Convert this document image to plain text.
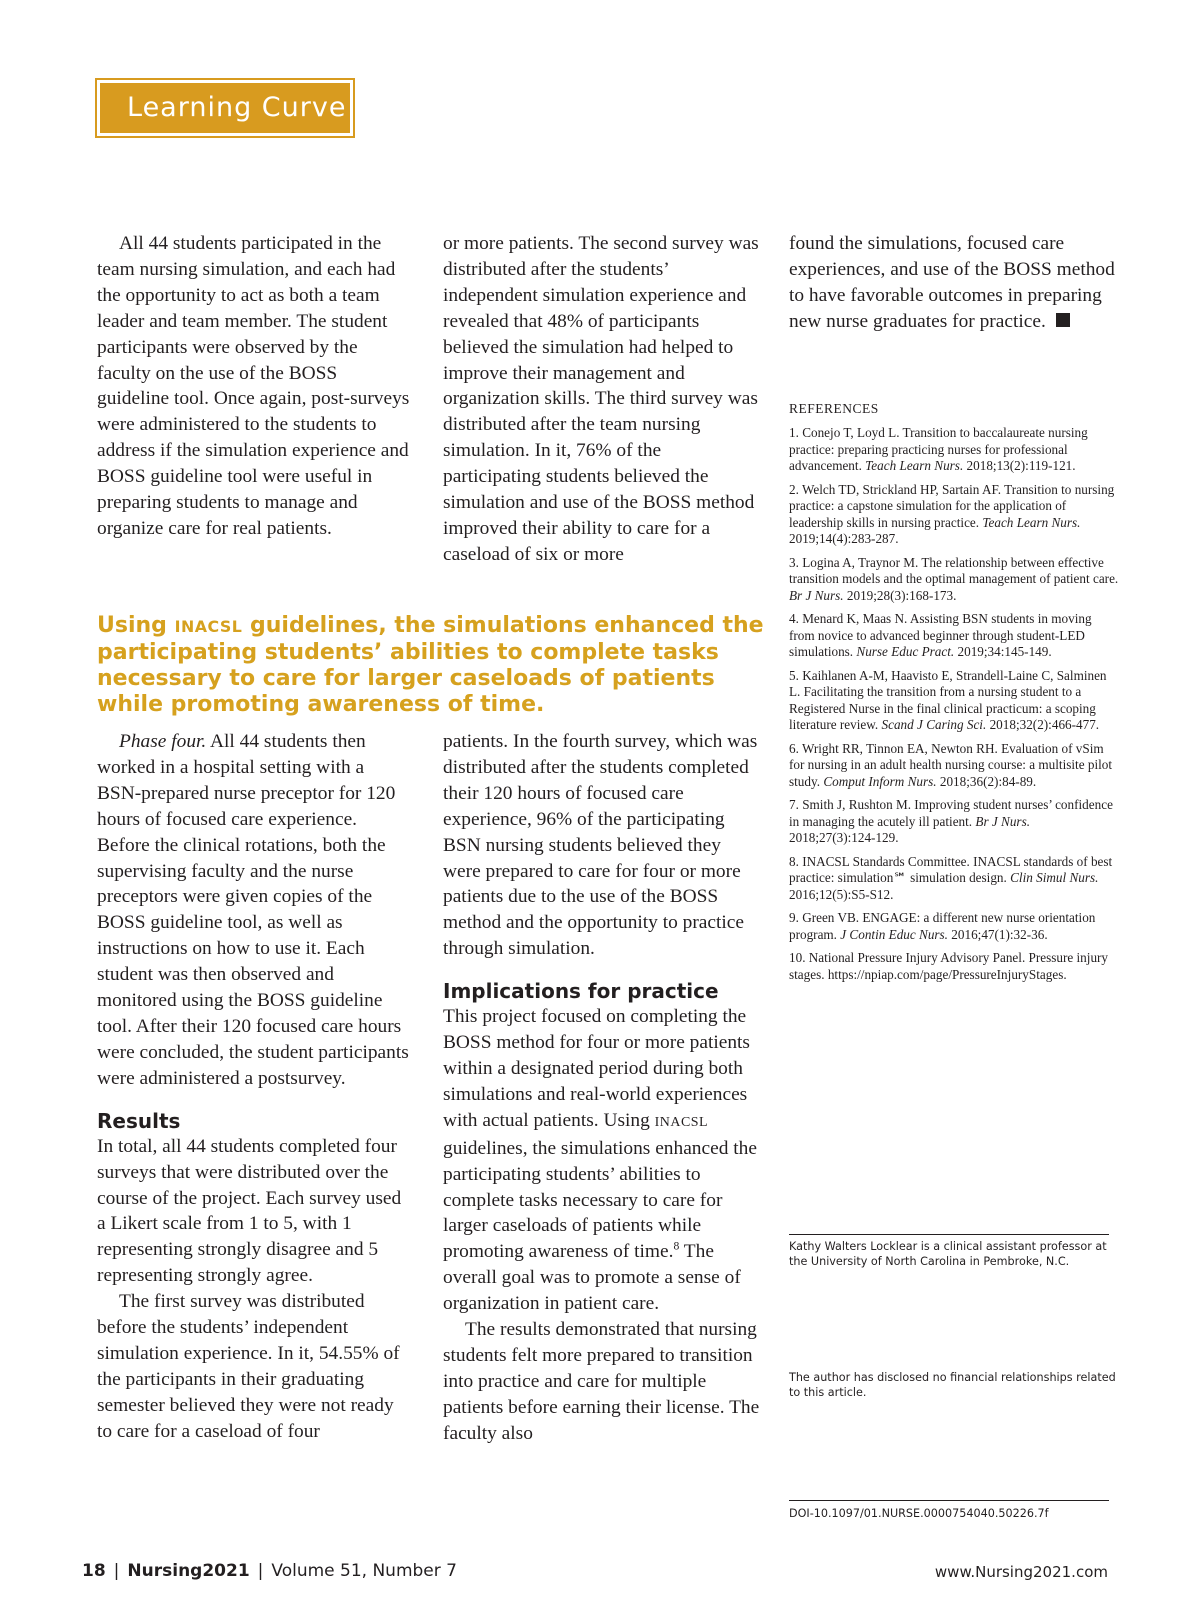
Learning Curve

All 44 students participated in the team nursing simulation, and each had the opportunity to act as both a team leader and team member. The student participants were observed by the faculty on the use of the BOSS guideline tool. Once again, post-surveys were administered to the students to address if the simulation experience and BOSS guideline tool were useful in preparing students to manage and organize care for real patients.

or more patients. The second survey was distributed after the students’ independent simulation experience and revealed that 48% of participants believed the simulation had helped to improve their management and organization skills. The third survey was distributed after the team nursing simulation. In it, 76% of the participating students believed the simulation and use of the BOSS method improved their ability to care for a caseload of six or more

found the simulations, focused care experiences, and use of the BOSS method to have favorable outcomes in preparing new nurse graduates for practice.

Using INACSL guidelines, the simulations enhanced the participating students’ abilities to complete tasks necessary to care for larger caseloads of patients while promoting awareness of time.

Phase four. All 44 students then worked in a hospital setting with a BSN-prepared nurse preceptor for 120 hours of focused care experience. Before the clinical rotations, both the supervising faculty and the nurse preceptors were given copies of the BOSS guideline tool, as well as instructions on how to use it. Each student was then observed and monitored using the BOSS guideline tool. After their 120 focused care hours were concluded, the student participants were administered a postsurvey.

Results

In total, all 44 students completed four surveys that were distributed over the course of the project. Each survey used a Likert scale from 1 to 5, with 1 representing strongly disagree and 5 representing strongly agree.

The first survey was distributed before the students’ independent simulation experience. In it, 54.55% of the participants in their graduating semester believed they were not ready to care for a caseload of four

patients. In the fourth survey, which was distributed after the students completed their 120 hours of focused care experience, 96% of the participating BSN nursing students believed they were prepared to care for four or more patients due to the use of the BOSS method and the opportunity to practice through simulation.

Implications for practice

This project focused on completing the BOSS method for four or more patients within a designated period during both simulations and real-world experiences with actual patients. Using INACSL guidelines, the simulations enhanced the participating students’ abilities to complete tasks necessary to care for larger caseloads of patients while promoting awareness of time.$^8$ The overall goal was to promote a sense of organization in patient care.

The results demonstrated that nursing students felt more prepared to transition into practice and care for multiple patients before earning their license. The faculty also

REFERENCES

1. Conejo T, Loyd L. Transition to baccalaureate nursing practice: preparing practicing nurses for professional advancement. Teach Learn Nurs. 2018;13(2):119-121.

2. Welch TD, Strickland HP, Sartain AF. Transition to nursing practice: a capstone simulation for the application of leadership skills in nursing practice. Teach Learn Nurs. 2019;14(4):283-287.

3. Logina A, Traynor M. The relationship between effective transition models and the optimal management of patient care. Br J Nurs. 2019;28(3):168-173.

4. Menard K, Maas N. Assisting BSN students in moving from novice to advanced beginner through student-LED simulations. Nurse Educ Pract. 2019;34:145-149.

5. Kaihlanen A-M, Haavisto E, Strandell-Laine C, Salminen L. Facilitating the transition from a nursing student to a Registered Nurse in the final clinical practicum: a scoping literature review. Scand J Caring Sci. 2018;32(2):466-477.

6. Wright RR, Tinnon EA, Newton RH. Evaluation of vSim for nursing in an adult health nursing course: a multisite pilot study. Comput Inform Nurs. 2018;36(2):84-89.

7. Smith J, Rushton M. Improving student nurses’ confidence in managing the acutely ill patient. Br J Nurs. 2018;27(3):124-129.

8. INACSL Standards Committee. INACSL standards of best practice: simulation℠ simulation design. Clin Simul Nurs. 2016;12(5):S5-S12.

9. Green VB. ENGAGE: a different new nurse orientation program. J Contin Educ Nurs. 2016;47(1):32-36.

10. National Pressure Injury Advisory Panel. Pressure injury stages. https://npiap.com/page/PressureInjuryStages.

Kathy Walters Locklear is a clinical assistant professor at the University of North Carolina in Pembroke, N.C.
The author has disclosed no financial relationships related to this article.
DOI-10.1097/01.NURSE.0000754040.50226.7f
18 | Nursing2021 | Volume 51, Number 7	www.Nursing2021.com
